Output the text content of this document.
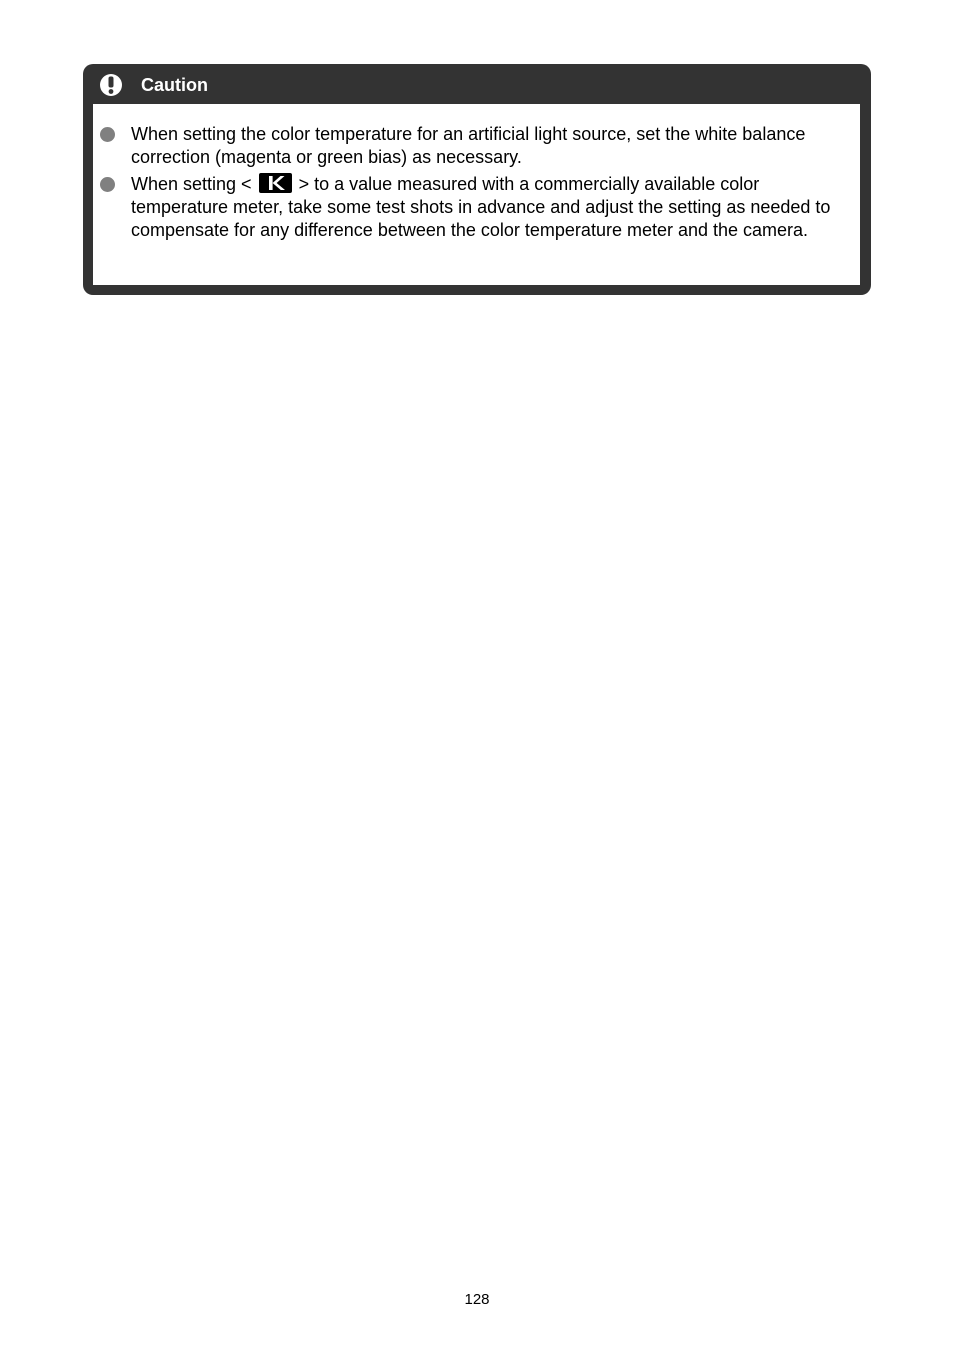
Caution
When setting the color temperature for an artificial light source, set the white balance correction (magenta or green bias) as necessary.
When setting <  > to a value measured with a commercially available color temperature meter, take some test shots in advance and adjust the setting as needed to compensate for any difference between the color temperature meter and the camera.
128
